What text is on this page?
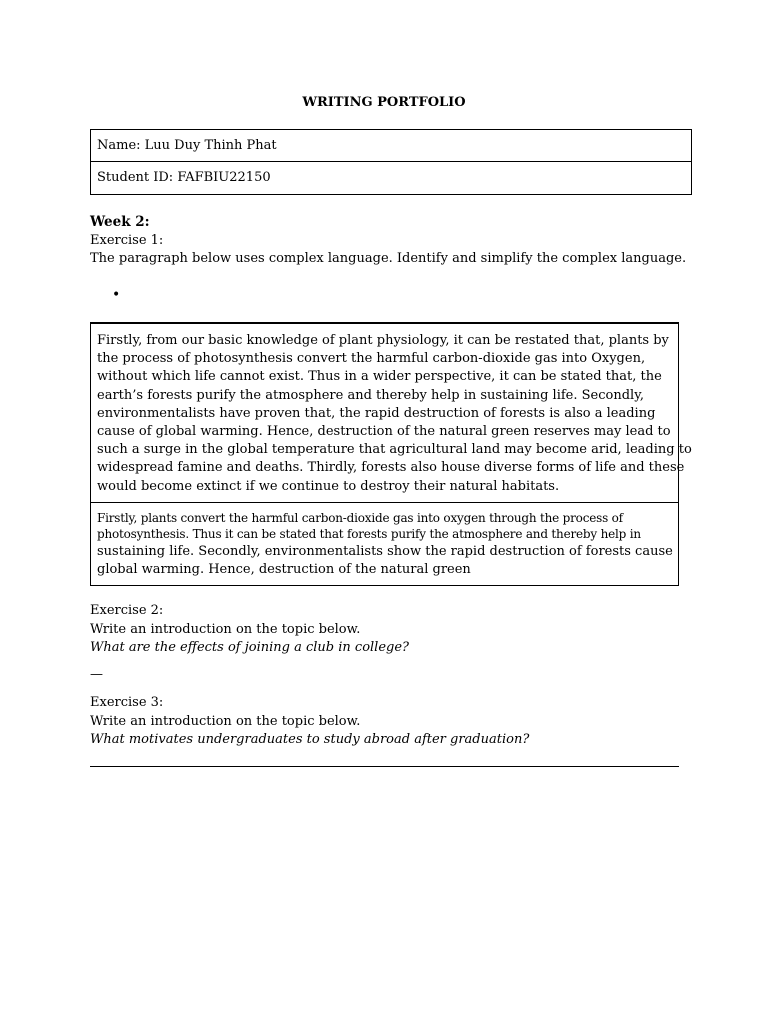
WRITING PORTFOLIO
Name: Luu Duy Thinh Phat
Student ID: FAFBIU22150
Week 2:
Exercise 1:
The paragraph below uses complex language. Identify and simplify the complex language.
•
Firstly, from our basic knowledge of plant physiology, it can be restated that, plants by
the process of photosynthesis convert the harmful carbon-dioxide gas into Oxygen,
without which life cannot exist. Thus in a wider perspective, it can be stated that, the
earth’s forests purify the atmosphere and thereby help in sustaining life. Secondly,
environmentalists have proven that, the rapid destruction of forests is also a leading
cause of global warming. Hence, destruction of the natural green reserves may lead to
such a surge in the global temperature that agricultural land may become arid, leading to
widespread famine and deaths. Thirdly, forests also house diverse forms of life and these
would become extinct if we continue to destroy their natural habitats.
Firstly, plants convert the harmful carbon-dioxide gas into oxygen through the process of
photosynthesis. Thus it can be stated that forests purify the atmosphere and thereby help in
sustaining life. Secondly, environmentalists show the rapid destruction of forests cause
global warming. Hence, destruction of the natural green
Exercise 2:
Write an introduction on the topic below.
What are the effects of joining a club in college?
—
Exercise 3:
Write an introduction on the topic below.
What motivates undergraduates to study abroad after graduation?
